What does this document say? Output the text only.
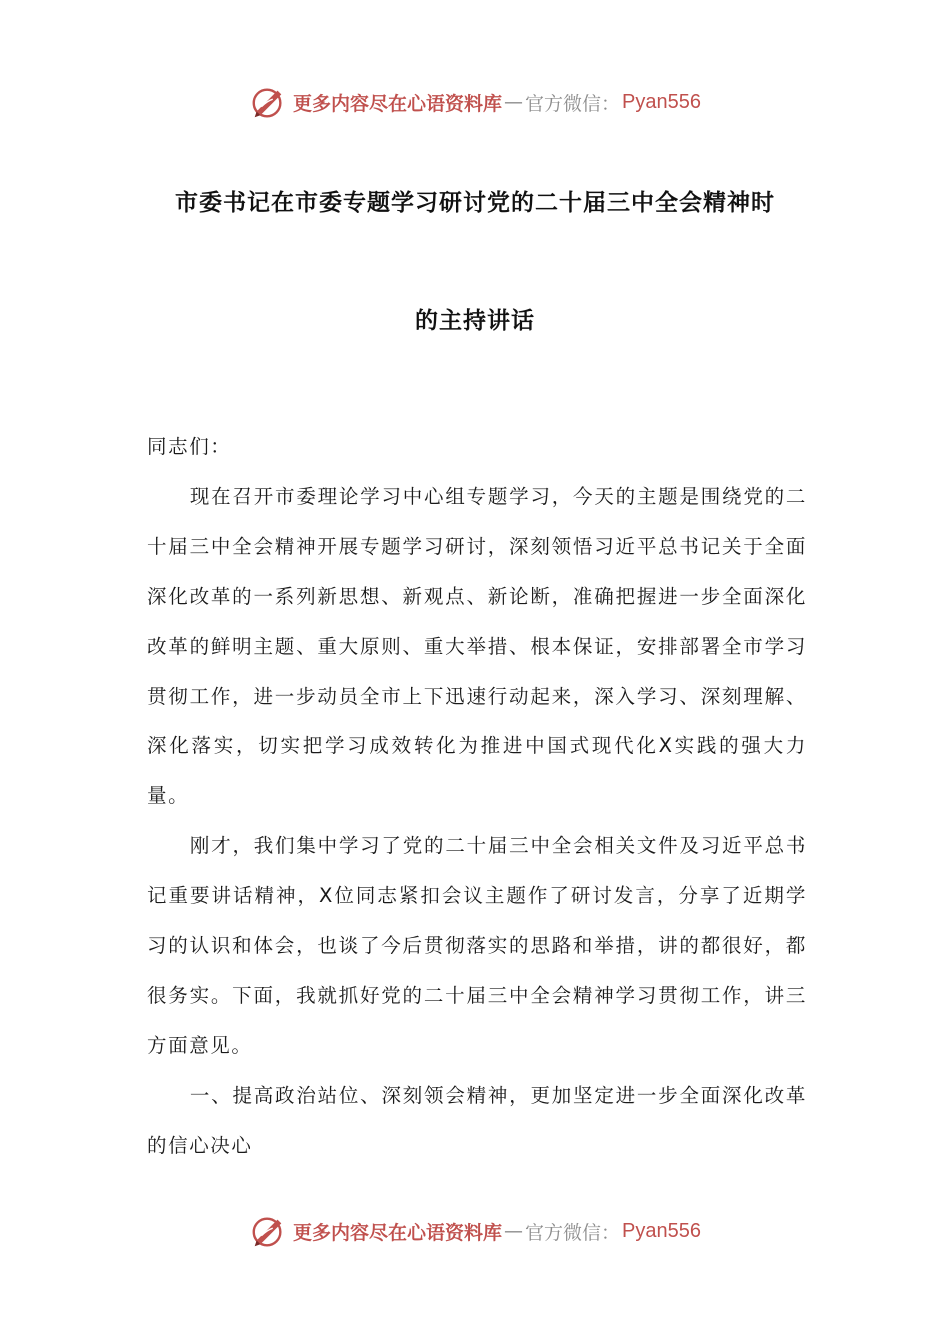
更多内容尽在心语资料库 — 官方微信： Pyan556
市委书记在市委专题学习研讨党的二十届三中全会精神时
的主持讲话

同志们：

现在召开市委理论学习中心组专题学习，今天的主题是围绕党的二十届三中全会精神开展专题学习研讨，深刻领悟习近平总书记关于全面深化改革的一系列新思想、新观点、新论断，准确把握进一步全面深化改革的鲜明主题、重大原则、重大举措、根本保证，安排部署全市学习贯彻工作，进一步动员全市上下迅速行动起来，深入学习、深刻理解、深化落实，切实把学习成效转化为推进中国式现代化X实践的强大力量。

刚才，我们集中学习了党的二十届三中全会相关文件及习近平总书记重要讲话精神，X位同志紧扣会议主题作了研讨发言，分享了近期学习的认识和体会，也谈了今后贯彻落实的思路和举措，讲的都很好，都很务实。下面，我就抓好党的二十届三中全会精神学习贯彻工作，讲三方面意见。

一、提高政治站位、深刻领会精神，更加坚定进一步全面深化改革的信心决心

更多内容尽在心语资料库 — 官方微信： Pyan556
